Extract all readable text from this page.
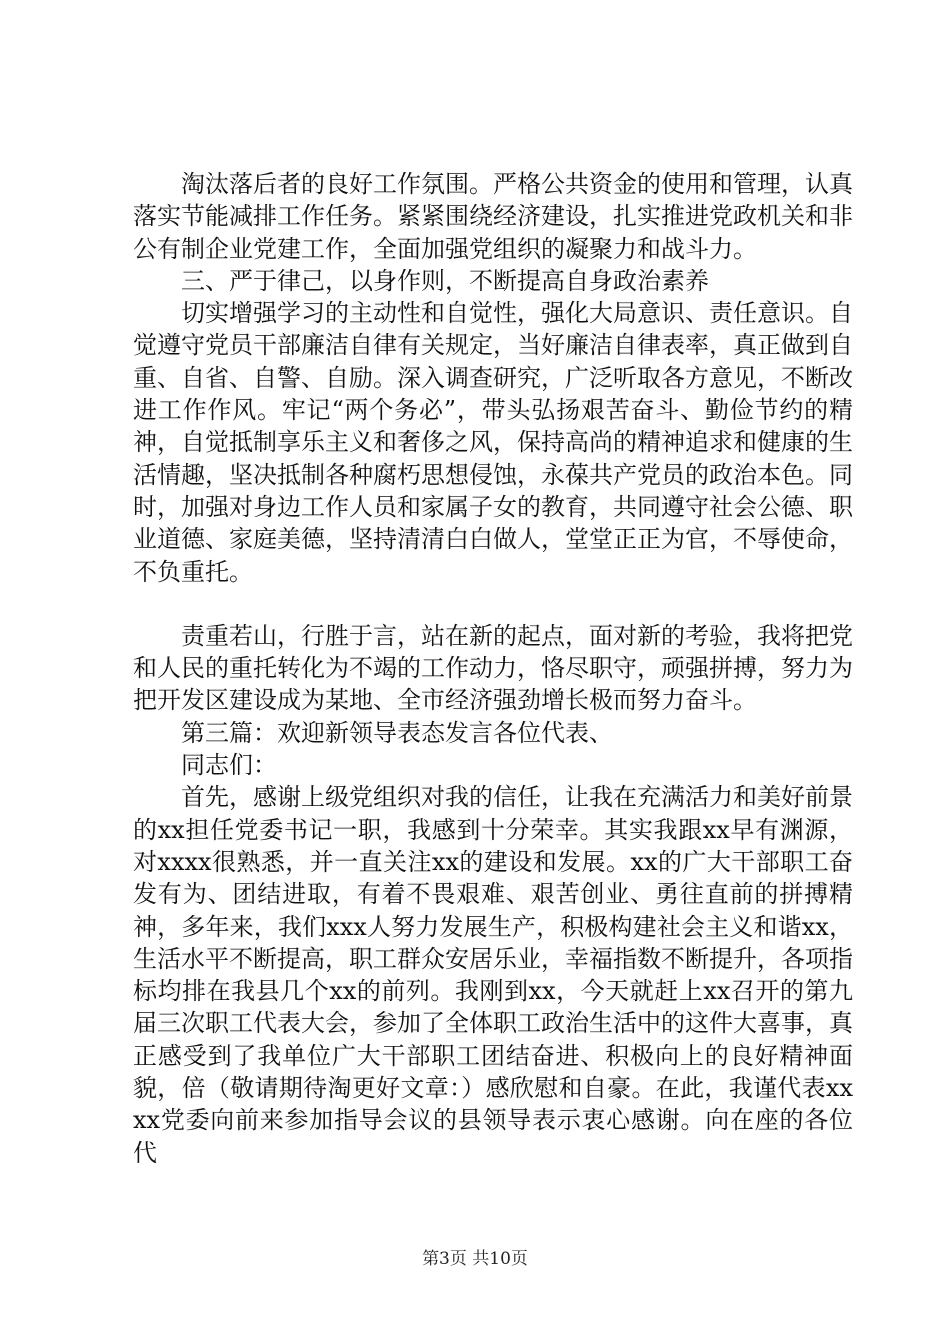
淘汰落后者的良好工作氛围。严格公共资金的使用和管理，认真落实节能减排工作任务。紧紧围绕经济建设，扎实推进党政机关和非公有制企业党建工作，全面加强党组织的凝聚力和战斗力。

三、严于律己，以身作则，不断提高自身政治素养

切实增强学习的主动性和自觉性，强化大局意识、责任意识。自觉遵守党员干部廉洁自律有关规定，当好廉洁自律表率，真正做到自重、自省、自警、自励。深入调查研究，广泛听取各方意见，不断改进工作作风。牢记“两个务必”，带头弘扬艰苦奋斗、勤俭节约的精神，自觉抵制享乐主义和奢侈之风，保持高尚的精神追求和健康的生活情趣，坚决抵制各种腐朽思想侵蚀，永葆共产党员的政治本色。同时，加强对身边工作人员和家属子女的教育，共同遵守社会公德、职业道德、家庭美德，坚持清清白白做人，堂堂正正为官，不辱使命，不负重托。

责重若山，行胜于言，站在新的起点，面对新的考验，我将把党和人民的重托转化为不竭的工作动力，恪尽职守，顽强拼搏，努力为把开发区建设成为某地、全市经济强劲增长极而努力奋斗。

第三篇：欢迎新领导表态发言各位代表、

同志们：

首先，感谢上级党组织对我的信任，让我在充满活力和美好前景的xx担任党委书记一职，我感到十分荣幸。其实我跟xx早有渊源，对xxxx很熟悉，并一直关注xx的建设和发展。xx的广大干部职工奋发有为、团结进取，有着不畏艰难、艰苦创业、勇往直前的拼搏精神，多年来，我们xxx人努力发展生产，积极构建社会主义和谐xx，生活水平不断提高，职工群众安居乐业，幸福指数不断提升，各项指标均排在我县几个xx的前列。我刚到xx，今天就赶上xx召开的第九届三次职工代表大会，参加了全体职工政治生活中的这件大喜事，真正感受到了我单位广大干部职工团结奋进、积极向上的良好精神面貌，倍（敬请期待淘更好文章：）感欣慰和自豪。在此，我谨代表xxxx党委向前来参加指导会议的县领导表示衷心感谢。向在座的各位代

第3页 共10页
